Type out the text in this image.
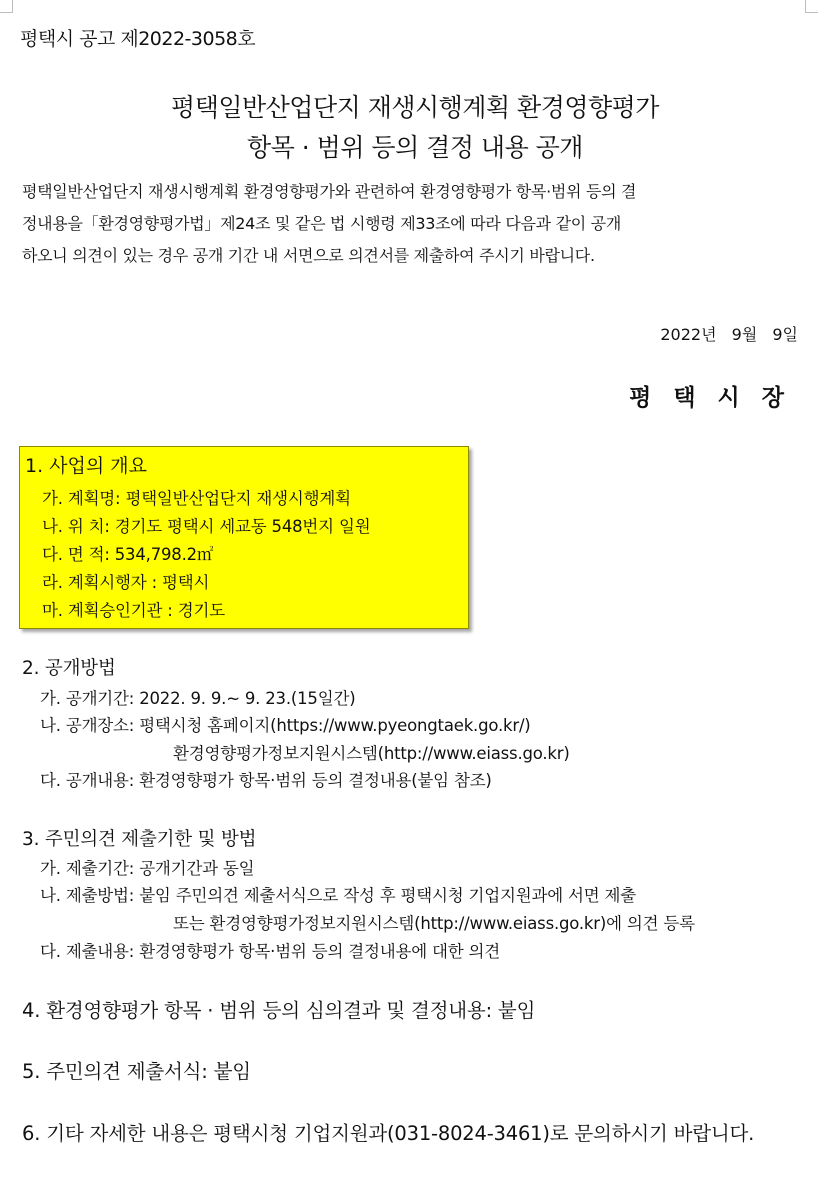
평택시 공고 제2022-3058호
평택일반산업단지 재생시행계획 환경영향평가
항목 · 범위 등의 결정 내용 공개
평택일반산업단지 재생시행계획 환경영향평가와 관련하여 환경영향평가 항목·범위 등의 결
정내용을「환경영향평가법」제24조 및 같은 법 시행령 제33조에 따라 다음과 같이 공개
하오니 의견이 있는 경우 공개 기간 내 서면으로 의견서를 제출하여 주시기 바랍니다.
2022년 9월 9일
평택시장
1. 사업의 개요
가. 계획명: 평택일반산업단지 재생시행계획
나. 위 치: 경기도 평택시 세교동 548번지 일원
다. 면 적: 534,798.2㎡
라. 계획시행자 : 평택시
마. 계획승인기관 : 경기도
2. 공개방법
가. 공개기간: 2022. 9. 9.~ 9. 23.(15일간)
나. 공개장소: 평택시청 홈페이지(https://www.pyeongtaek.go.kr/)
환경영향평가정보지원시스템(http://www.eiass.go.kr)
다. 공개내용: 환경영향평가 항목·범위 등의 결정내용(붙임 참조)
3. 주민의견 제출기한 및 방법
가. 제출기간: 공개기간과 동일
나. 제출방법: 붙임 주민의견 제출서식으로 작성 후 평택시청 기업지원과에 서면 제출
또는 환경영향평가정보지원시스템(http://www.eiass.go.kr)에 의견 등록
다. 제출내용: 환경영향평가 항목·범위 등의 결정내용에 대한 의견
4. 환경영향평가 항목 · 범위 등의 심의결과 및 결정내용: 붙임
5. 주민의견 제출서식: 붙임
6. 기타 자세한 내용은 평택시청 기업지원과(031-8024-3461)로 문의하시기 바랍니다.
